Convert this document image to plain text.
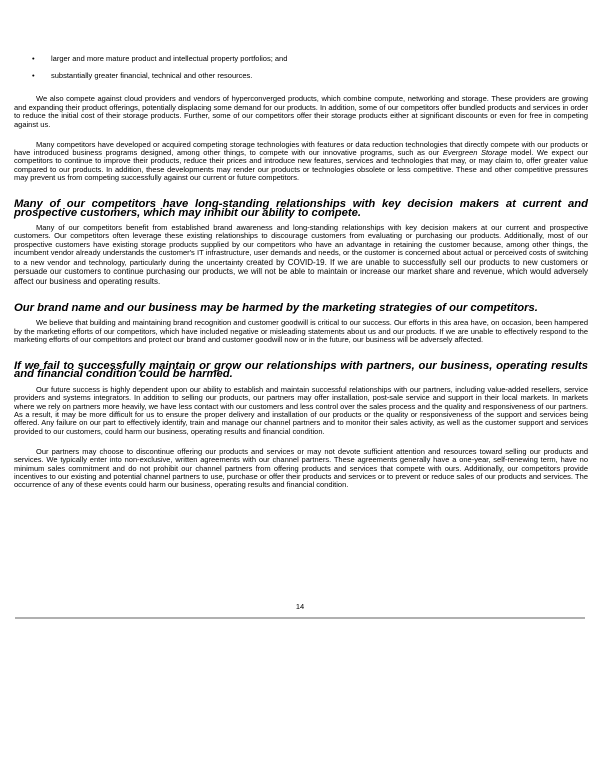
•	larger and more mature product and intellectual property portfolios; and
•	substantially greater financial, technical and other resources.

We also compete against cloud providers and vendors of hyperconverged products, which combine compute, networking and storage. These providers are growing and expanding their product offerings, potentially displacing some demand for our products. In addition, some of our competitors offer bundled products and services in order to reduce the initial cost of their storage products. Further, some of our competitors offer their storage products either at significant discounts or even for free in competing against us.

Many competitors have developed or acquired competing storage technologies with features or data reduction technologies that directly compete with our products or have introduced business programs designed, among other things, to compete with our innovative programs, such as our Evergreen Storage model. We expect our competitors to continue to improve their products, reduce their prices and introduce new features, services and technologies that may, or may claim to, offer greater value compared to our products. In addition, these developments may render our products or technologies obsolete or less competitive. These and other competitive pressures may prevent us from competing successfully against our current or future competitors.

Many of our competitors have long-standing relationships with key decision makers at current and prospective customers, which may inhibit our ability to compete.

Many of our competitors benefit from established brand awareness and long-standing relationships with key decision makers at our current and prospective customers. Our competitors often leverage these existing relationships to discourage customers from evaluating or purchasing our products. Additionally, most of our prospective customers have existing storage products supplied by our competitors who have an advantage in retaining the customer because, among other things, the incumbent vendor already understands the customer's IT infrastructure, user demands and needs, or the customer is concerned about actual or perceived costs of switching to a new vendor and technology, particularly during the uncertainty created by COVID-19. If we are unable to successfully sell our products to new customers or persuade our customers to continue purchasing our products, we will not be able to maintain or increase our market share and revenue, which would adversely affect our business and operating results.

Our brand name and our business may be harmed by the marketing strategies of our competitors.

We believe that building and maintaining brand recognition and customer goodwill is critical to our success. Our efforts in this area have, on occasion, been hampered by the marketing efforts of our competitors, which have included negative or misleading statements about us and our products. If we are unable to effectively respond to the marketing efforts of our competitors and protect our brand and customer goodwill now or in the future, our business will be adversely affected.

If we fail to successfully maintain or grow our relationships with partners, our business, operating results and financial condition could be harmed.

Our future success is highly dependent upon our ability to establish and maintain successful relationships with our partners, including value-added resellers, service providers and systems integrators. In addition to selling our products, our partners may offer installation, post-sale service and support in their local markets. In markets where we rely on partners more heavily, we have less contact with our customers and less control over the sales process and the quality and responsiveness of our partners. As a result, it may be more difficult for us to ensure the proper delivery and installation of our products or the quality or responsiveness of the support and services being offered. Any failure on our part to effectively identify, train and manage our channel partners and to monitor their sales activity, as well as the customer support and services provided to our customers, could harm our business, operating results and financial condition.

Our partners may choose to discontinue offering our products and services or may not devote sufficient attention and resources toward selling our products and services. We typically enter into non-exclusive, written agreements with our channel partners. These agreements generally have a one-year, self-renewing term, have no minimum sales commitment and do not prohibit our channel partners from offering products and services that compete with ours. Additionally, our competitors provide incentives to our existing and potential channel partners to use, purchase or offer their products and services or to prevent or reduce sales of our products and services. The occurrence of any of these events could harm our business, operating results and financial condition.

14
